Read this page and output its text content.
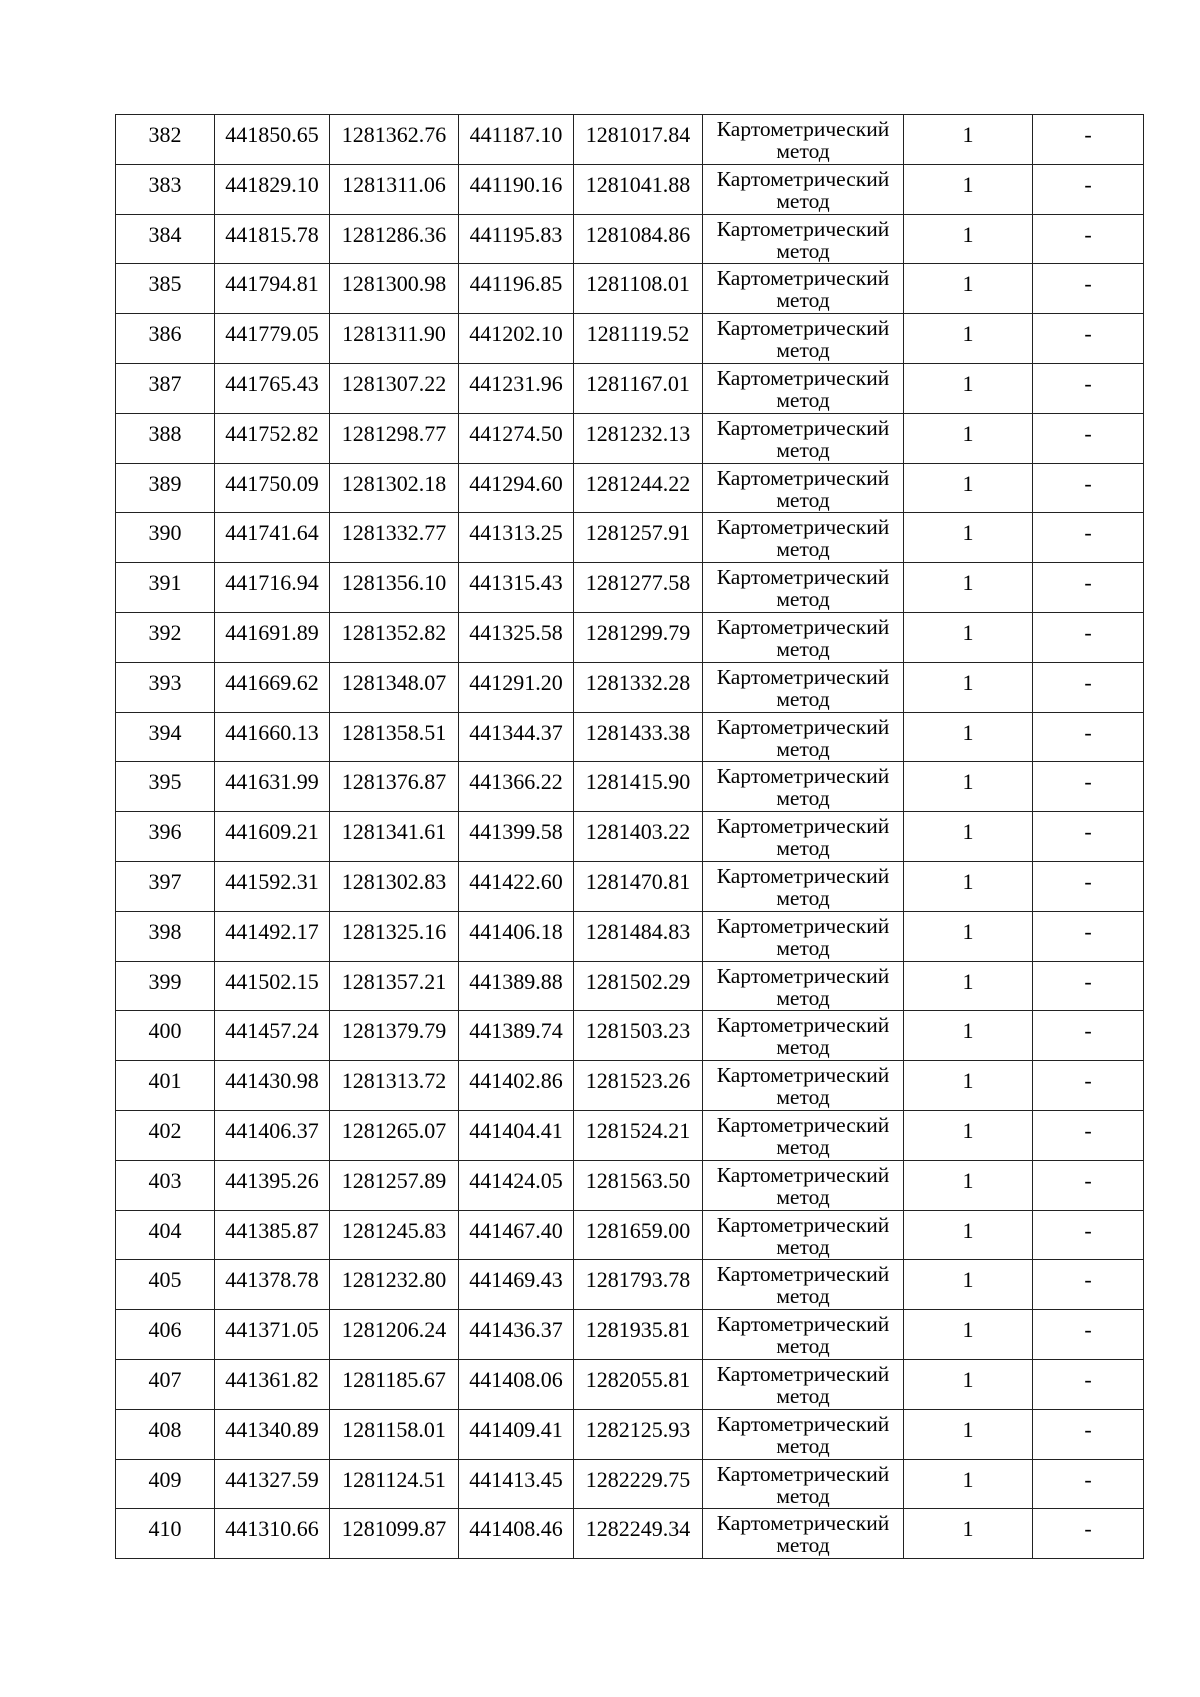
382	441850.65	1281362.76	441187.10	1281017.84	Картометрический
метод	1	-
383	441829.10	1281311.06	441190.16	1281041.88	Картометрический
метод	1	-
384	441815.78	1281286.36	441195.83	1281084.86	Картометрический
метод	1	-
385	441794.81	1281300.98	441196.85	1281108.01	Картометрический
метод	1	-
386	441779.05	1281311.90	441202.10	1281119.52	Картометрический
метод	1	-
387	441765.43	1281307.22	441231.96	1281167.01	Картометрический
метод	1	-
388	441752.82	1281298.77	441274.50	1281232.13	Картометрический
метод	1	-
389	441750.09	1281302.18	441294.60	1281244.22	Картометрический
метод	1	-
390	441741.64	1281332.77	441313.25	1281257.91	Картометрический
метод	1	-
391	441716.94	1281356.10	441315.43	1281277.58	Картометрический
метод	1	-
392	441691.89	1281352.82	441325.58	1281299.79	Картометрический
метод	1	-
393	441669.62	1281348.07	441291.20	1281332.28	Картометрический
метод	1	-
394	441660.13	1281358.51	441344.37	1281433.38	Картометрический
метод	1	-
395	441631.99	1281376.87	441366.22	1281415.90	Картометрический
метод	1	-
396	441609.21	1281341.61	441399.58	1281403.22	Картометрический
метод	1	-
397	441592.31	1281302.83	441422.60	1281470.81	Картометрический
метод	1	-
398	441492.17	1281325.16	441406.18	1281484.83	Картометрический
метод	1	-
399	441502.15	1281357.21	441389.88	1281502.29	Картометрический
метод	1	-
400	441457.24	1281379.79	441389.74	1281503.23	Картометрический
метод	1	-
401	441430.98	1281313.72	441402.86	1281523.26	Картометрический
метод	1	-
402	441406.37	1281265.07	441404.41	1281524.21	Картометрический
метод	1	-
403	441395.26	1281257.89	441424.05	1281563.50	Картометрический
метод	1	-
404	441385.87	1281245.83	441467.40	1281659.00	Картометрический
метод	1	-
405	441378.78	1281232.80	441469.43	1281793.78	Картометрический
метод	1	-
406	441371.05	1281206.24	441436.37	1281935.81	Картометрический
метод	1	-
407	441361.82	1281185.67	441408.06	1282055.81	Картометрический
метод	1	-
408	441340.89	1281158.01	441409.41	1282125.93	Картометрический
метод	1	-
409	441327.59	1281124.51	441413.45	1282229.75	Картометрический
метод	1	-
410	441310.66	1281099.87	441408.46	1282249.34	Картометрический
метод	1	-
